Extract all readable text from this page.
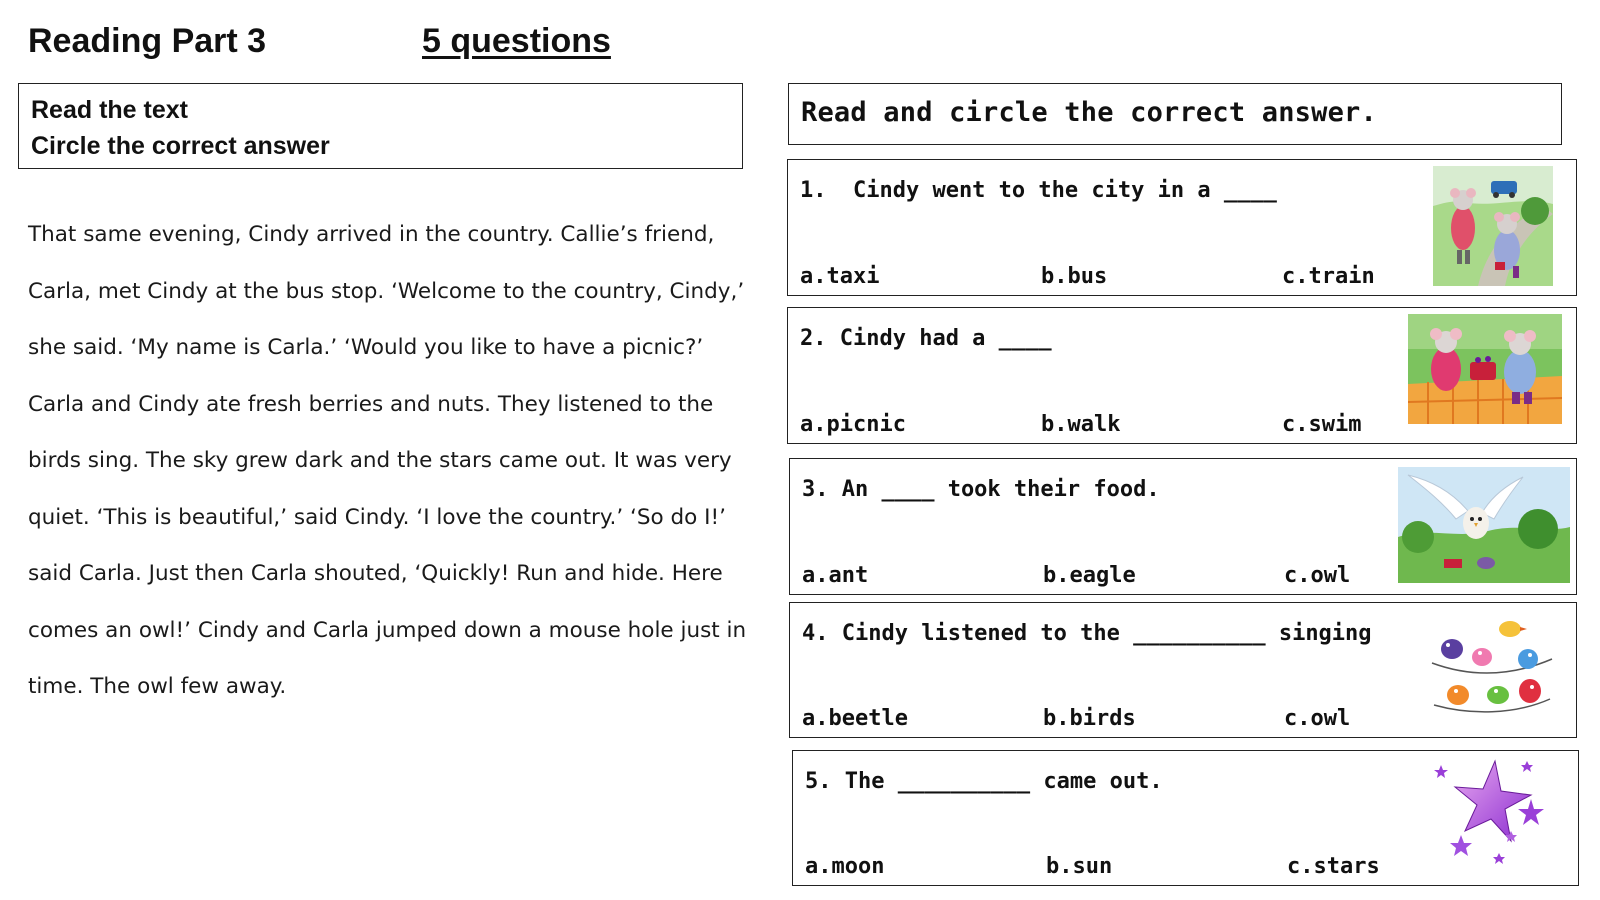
Reading Part 3	5 questions
Read the text
Circle the correct answer
That same evening, Cindy arrived in the country. Callie’s friend, Carla, met Cindy at the bus stop. ‘Welcome to the country, Cindy,’ she said. ‘My name is Carla.’ ‘Would you like to have a picnic?’ Carla and Cindy ate fresh berries and nuts. They listened to the birds sing. The sky grew dark and the stars came out. It was very quiet. ‘This is beautiful,’ said Cindy. ‘I love the country.’ ‘So do I!’ said Carla. Just then Carla shouted, ‘Quickly! Run and hide. Here comes an owl!’ Cindy and Carla jumped down a mouse hole just in time. The owl few away.
Read and circle the correct answer.
1.  Cindy went to the city in a ____
a.taxi	b.bus	c.train
2. Cindy had a ____
a.picnic	b.walk	c.swim
3. An ____ took their food.
a.ant	b.eagle	c.owl
4. Cindy listened to the __________ singing
a.beetle	b.birds	c.owl
5. The __________ came out.
a.moon	b.sun	c.stars
